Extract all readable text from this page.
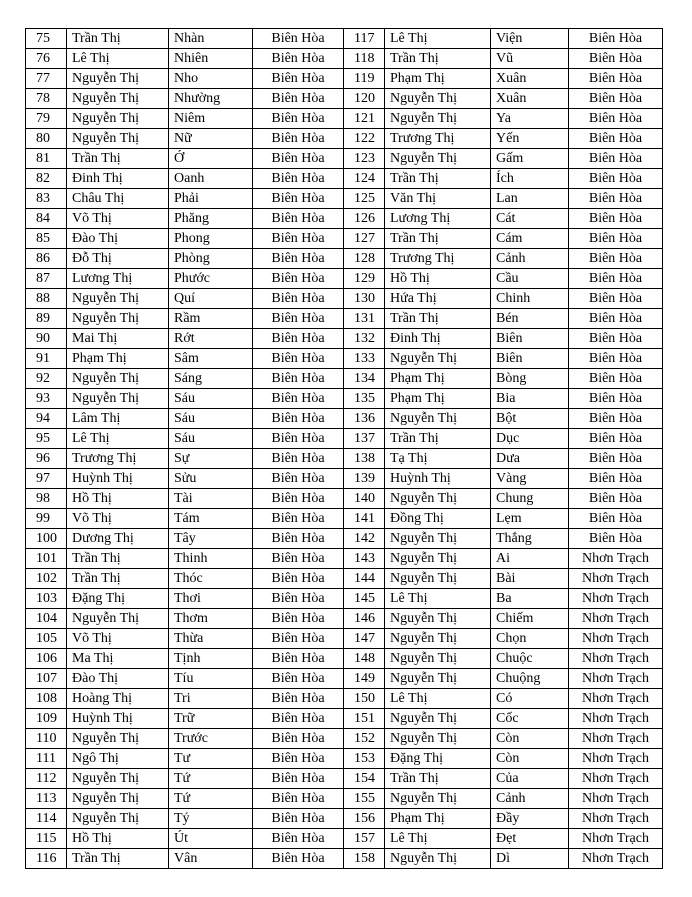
75	Trần Thị	Nhàn	Biên Hòa	117	Lê Thị	Viện	Biên Hòa
76	Lê Thị	Nhiên	Biên Hòa	118	Trần Thị	Vũ	Biên Hòa
77	Nguyễn Thị	Nho	Biên Hòa	119	Phạm Thị	Xuân	Biên Hòa
78	Nguyễn Thị	Nhường	Biên Hòa	120	Nguyễn Thị	Xuân	Biên Hòa
79	Nguyễn Thị	Niêm	Biên Hòa	121	Nguyễn Thị	Ya	Biên Hòa
80	Nguyễn Thị	Nữ	Biên Hòa	122	Trương Thị	Yến	Biên Hòa
81	Trần Thị	Ớ	Biên Hòa	123	Nguyễn Thị	Gấm	Biên Hòa
82	Đinh Thị	Oanh	Biên Hòa	124	Trần Thị	Ích	Biên Hòa
83	Châu Thị	Phải	Biên Hòa	125	Văn Thị	Lan	Biên Hòa
84	Võ Thị	Phăng	Biên Hòa	126	Lương Thị	Cát	Biên Hòa
85	Đào Thị	Phong	Biên Hòa	127	Trần Thị	Cám	Biên Hòa
86	Đỗ Thị	Phòng	Biên Hòa	128	Trương Thị	Cảnh	Biên Hòa
87	Lương Thị	Phước	Biên Hòa	129	Hồ Thị	Cầu	Biên Hòa
88	Nguyễn Thị	Quí	Biên Hòa	130	Hứa Thị	Chinh	Biên Hòa
89	Nguyễn Thị	Rầm	Biên Hòa	131	Trần Thị	Bén	Biên Hòa
90	Mai Thị	Rớt	Biên Hòa	132	Đinh Thị	Biên	Biên Hòa
91	Phạm Thị	Sâm	Biên Hòa	133	Nguyễn Thị	Biên	Biên Hòa
92	Nguyễn Thị	Sáng	Biên Hòa	134	Phạm Thị	Bòng	Biên Hòa
93	Nguyễn Thị	Sáu	Biên Hòa	135	Phạm Thị	Bia	Biên Hòa
94	Lâm Thị	Sáu	Biên Hòa	136	Nguyễn Thị	Bột	Biên Hòa
95	Lê Thị	Sáu	Biên Hòa	137	Trần Thị	Dục	Biên Hòa
96	Trương Thị	Sự	Biên Hòa	138	Tạ Thị	Dưa	Biên Hòa
97	Huỳnh Thị	Sửu	Biên Hòa	139	Huỳnh Thị	Vàng	Biên Hòa
98	Hồ Thị	Tài	Biên Hòa	140	Nguyễn Thị	Chung	Biên Hòa
99	Võ Thị	Tám	Biên Hòa	141	Đồng Thị	Lẹm	Biên Hòa
100	Dương Thị	Tây	Biên Hòa	142	Nguyễn Thị	Thắng	Biên Hòa
101	Trần Thị	Thinh	Biên Hòa	143	Nguyễn Thị	Ai	Nhơn Trạch
102	Trần Thị	Thóc	Biên Hòa	144	Nguyễn Thị	Bài	Nhơn Trạch
103	Đặng Thị	Thơi	Biên Hòa	145	Lê Thị	Ba	Nhơn Trạch
104	Nguyễn Thị	Thơm	Biên Hòa	146	Nguyễn Thị	Chiếm	Nhơn Trạch
105	Võ Thị	Thừa	Biên Hòa	147	Nguyễn Thị	Chọn	Nhơn Trạch
106	Ma Thị	Tịnh	Biên Hòa	148	Nguyễn Thị	Chuộc	Nhơn Trạch
107	Đào Thị	Tíu	Biên Hòa	149	Nguyễn Thị	Chuộng	Nhơn Trạch
108	Hoàng Thị	Tri	Biên Hòa	150	Lê Thị	Có	Nhơn Trạch
109	Huỳnh Thị	Trữ	Biên Hòa	151	Nguyễn Thị	Cốc	Nhơn Trạch
110	Nguyễn Thị	Trước	Biên Hòa	152	Nguyễn Thị	Còn	Nhơn Trạch
111	Ngô Thị	Tư	Biên Hòa	153	Đặng Thị	Còn	Nhơn Trạch
112	Nguyễn Thị	Tứ	Biên Hòa	154	Trần Thị	Của	Nhơn Trạch
113	Nguyễn Thị	Tứ	Biên Hòa	155	Nguyễn Thị	Cảnh	Nhơn Trạch
114	Nguyễn Thị	Tý	Biên Hòa	156	Phạm Thị	Đầy	Nhơn Trạch
115	Hồ Thị	Út	Biên Hòa	157	Lê Thị	Đẹt	Nhơn Trạch
116	Trần Thị	Vân	Biên Hòa	158	Nguyễn Thị	Dì	Nhơn Trạch
